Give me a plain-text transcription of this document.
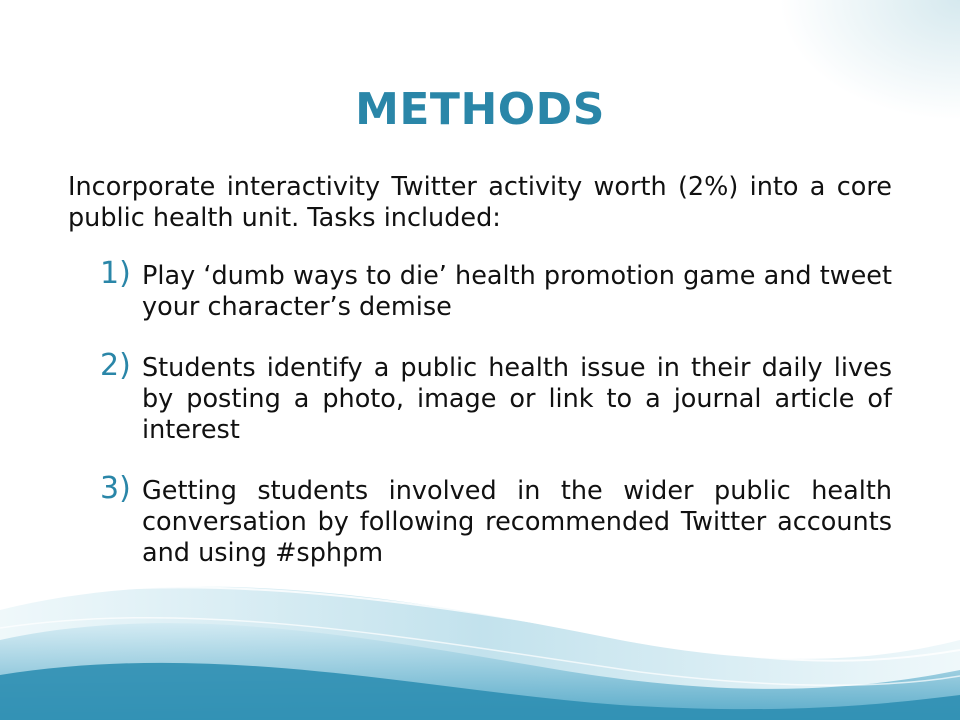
METHODS
Incorporate interactivity Twitter activity worth (2%) into a core public health unit. Tasks included:
1) Play ‘dumb ways to die’ health promotion game and tweet your character’s demise
2) Students identify a public health issue in their daily lives by posting a photo, image or link to a journal article of interest
3) Getting students involved in the wider public health conversation by following recommended Twitter accounts and using #sphpm
